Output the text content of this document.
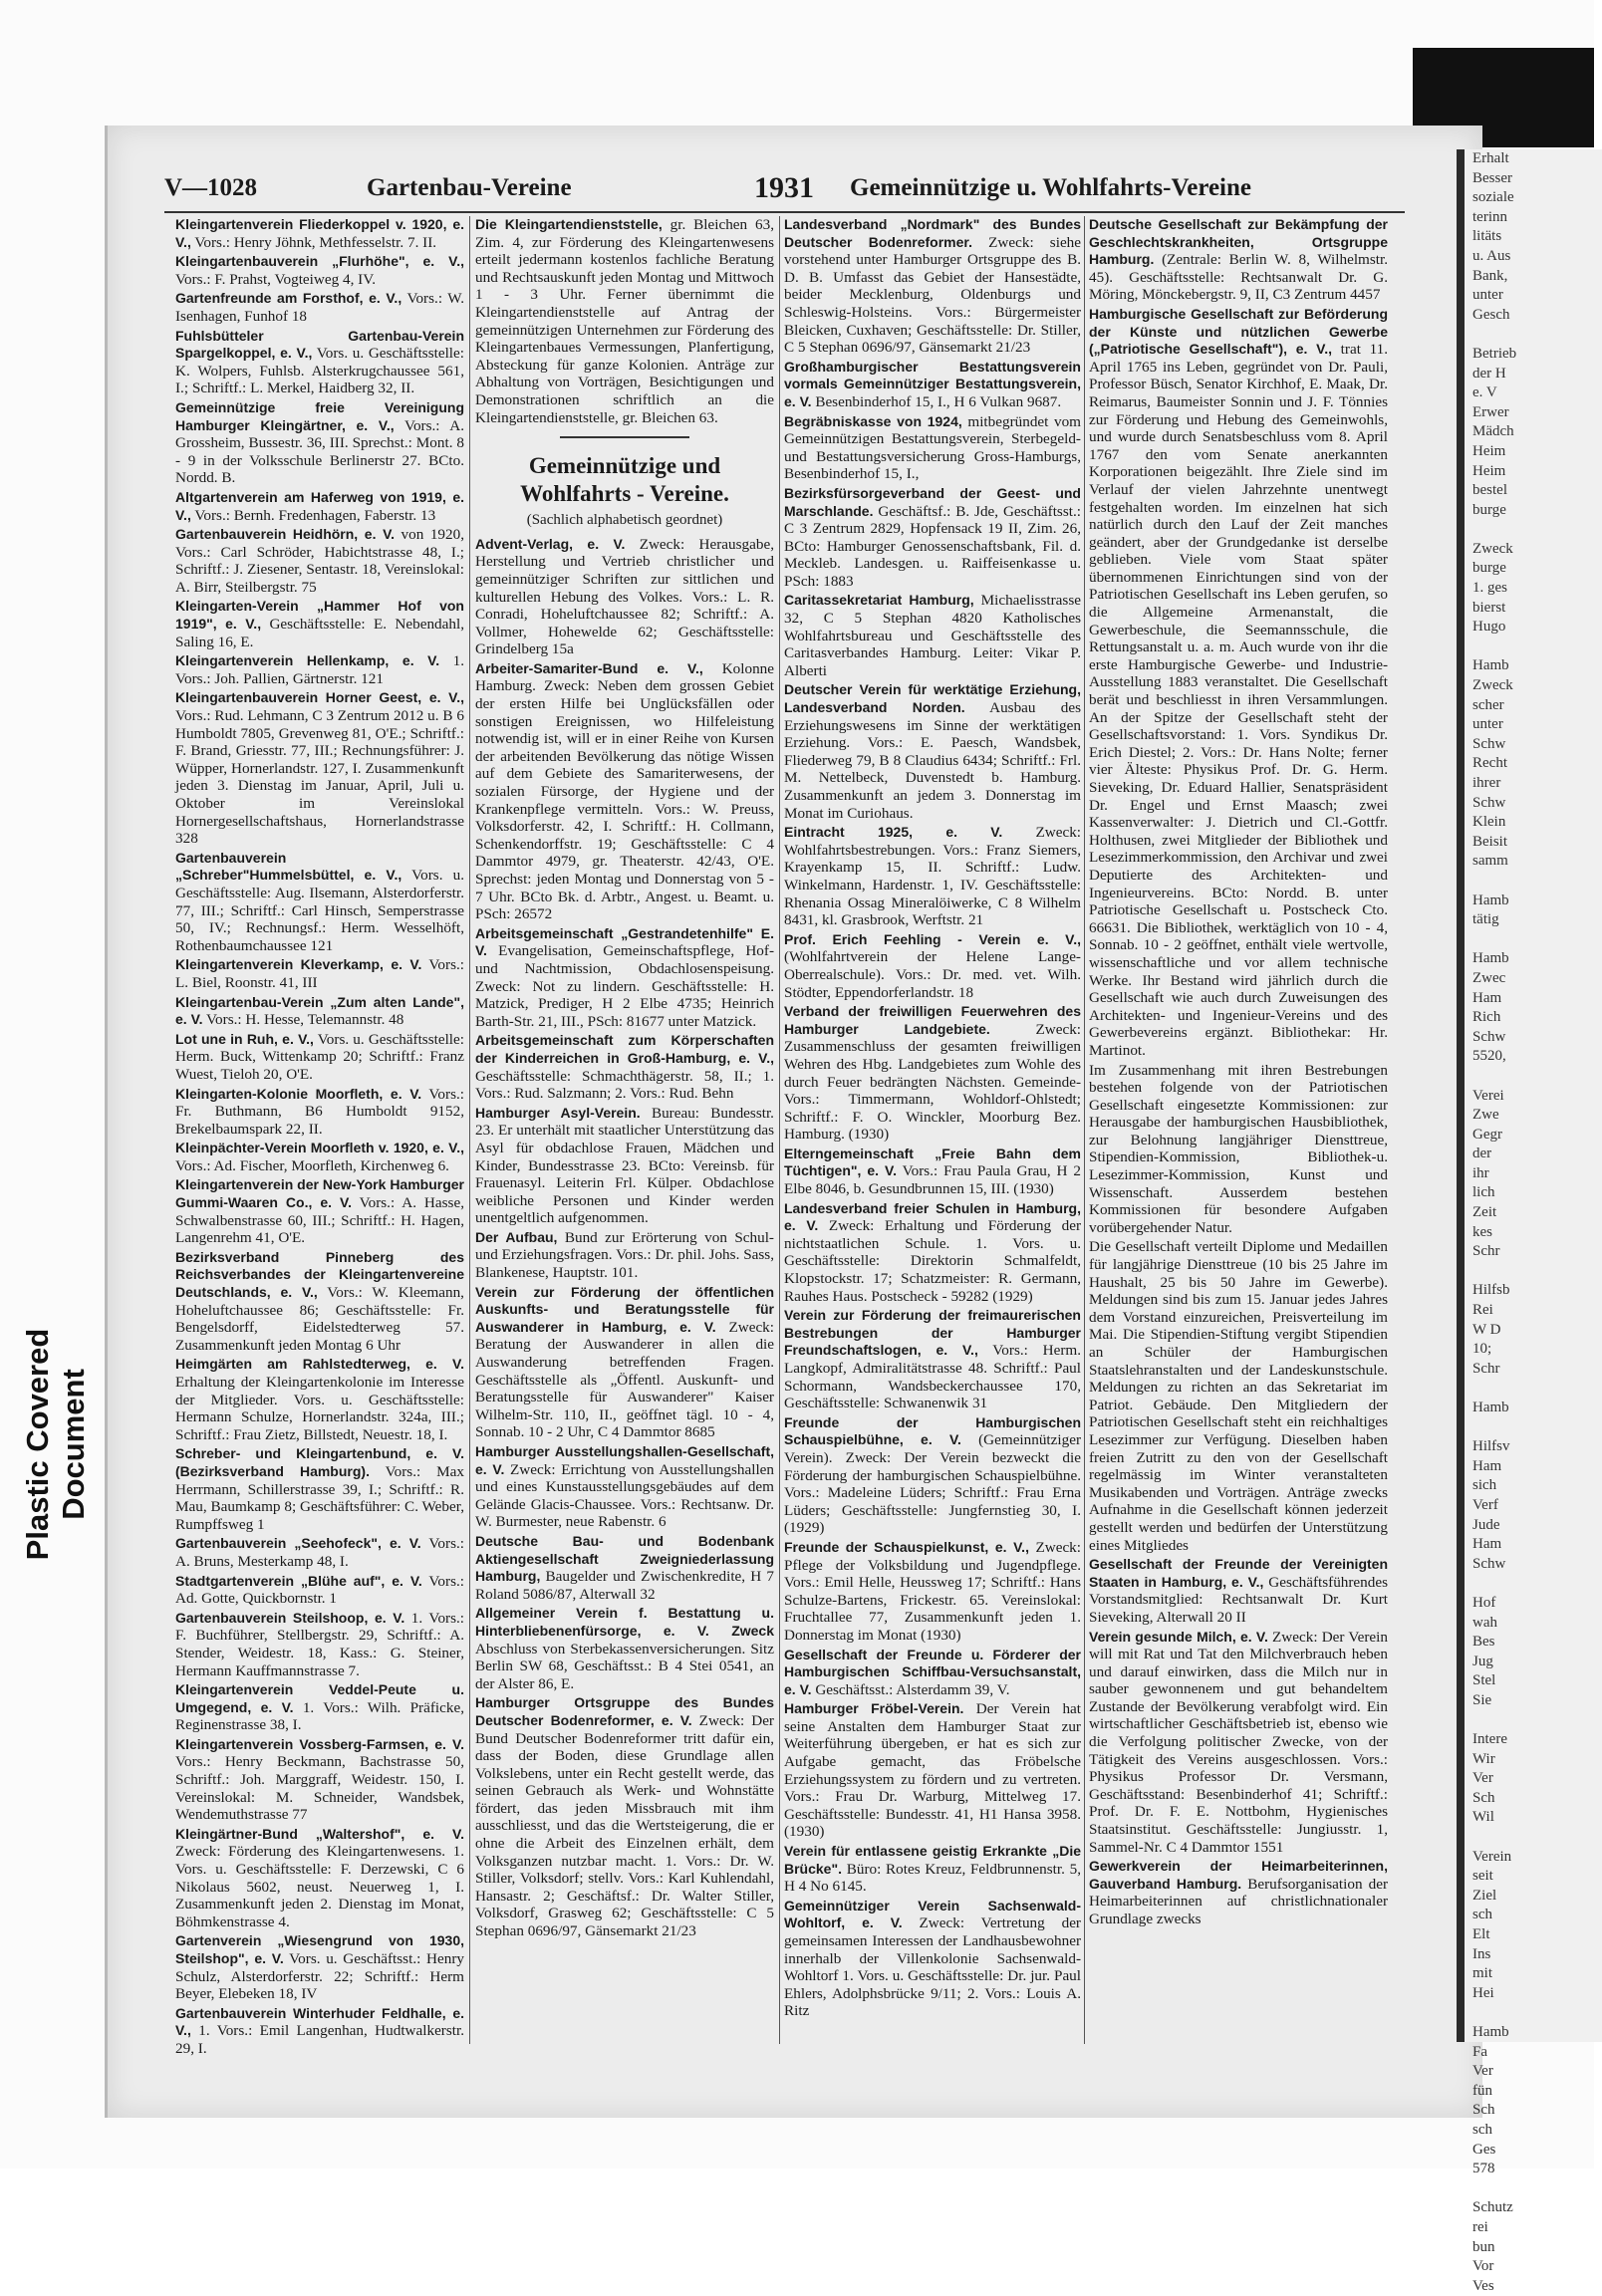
Plastic Covered Document

Erhalt

Besser

soziale

terinn

litäts

u. Aus

Bank,

unter

Gesch

Betrieb

der H

e. V

Erwer

Mädch

Heim

Heim

bestel

burge

Zweck

burge

1. ges

bierst

Hugo

Hamb

Zweck

scher

unter

Schw

Recht

ihrer

Schw

Klein

Beisit

samm

Hamb

tätig

Hamb

Zwec

Ham

Rich

Schw

5520,

Verei

Zwe

Gegr

der

ihr

lich

Zeit

kes

Schr

Hilfsb

Rei

W D

10;

Schr

Hamb

Hilfsv

Ham

sich

Verf

Jude

Ham

Schw

Hof

wah

Bes

Jug

Stel

Sie

Intere

Wir

Ver

Sch

Wil

Verein

seit

Ziel

sch

Elt

Ins

mit

Hei

Hamb

Fa

Ver

fün

Sch

sch

Ges

578

Schutz

rei

bun

Vor

Ves

V—1028	Gartenbau-Vereine	1931 Gemeinnützige u. Wohlfahrts-Vereine

Kleingartenverein Fliederkoppel v. 1920, e. V., Vors.: Henry Jöhnk, Methfesselstr. 7. II.

Kleingartenbauverein „Flurhöhe", e. V., Vors.: F. Prahst, Vogteiweg 4, IV.

Gartenfreunde am Forsthof, e. V., Vors.: W. Isenhagen, Funhof 18

Fuhlsbütteler Gartenbau-Verein Spargelkoppel, e. V., Vors. u. Geschäftsstelle: K. Wolpers, Fuhlsb. Alsterkrugchaussee 561, I.; Schriftf.: L. Merkel, Haidberg 32, II.

Gemeinnützige freie Vereinigung Hamburger Kleingärtner, e. V., Vors.: A. Grossheim, Bussestr. 36, III. Sprechst.: Mont. 8 - 9 in der Volksschule Berlinerstr 27. BCto. Nordd. B.

Altgartenverein am Haferweg von 1919, e. V., Vors.: Bernh. Fredenhagen, Faberstr. 13

Gartenbauverein Heidhörn, e. V. von 1920, Vors.: Carl Schröder, Habichtstrasse 48, I.; Schriftf.: J. Ziesener, Sentastr. 18, Vereinslokal: A. Birr, Steilbergstr. 75

Kleingarten-Verein „Hammer Hof von 1919", e. V., Geschäftsstelle: E. Nebendahl, Saling 16, E.

Kleingartenverein Hellenkamp, e. V. 1. Vors.: Joh. Pallien, Gärtnerstr. 121

Kleingartenbauverein Horner Geest, e. V., Vors.: Rud. Lehmann, C 3 Zentrum 2012 u. B 6 Humboldt 7805, Grevenweg 81, O'E.; Schriftf.: F. Brand, Griesstr. 77, III.; Rechnungsführer: J. Wüpper, Hornerlandstr. 127, I. Zusammenkunft jeden 3. Dienstag im Januar, April, Juli u. Oktober im Vereinslokal Hornergesellschaftshaus, Hornerlandstrasse 328

Gartenbauverein „Schreber"Hummelsbüttel, e. V., Vors. u. Geschäftsstelle: Aug. Ilsemann, Alsterdorferstr. 77, III.; Schriftf.: Carl Hinsch, Semperstrasse 50, IV.; Rechnungsf.: Herm. Wesselhöft, Rothenbaumchaussee 121

Kleingartenverein Kleverkamp, e. V. Vors.: L. Biel, Roonstr. 41, III

Kleingartenbau-Verein „Zum alten Lande", e. V. Vors.: H. Hesse, Telemannstr. 48

Lot une in Ruh, e. V., Vors. u. Geschäftsstelle: Herm. Buck, Wittenkamp 20; Schriftf.: Franz Wuest, Tieloh 20, O'E.

Kleingarten-Kolonie Moorfleth, e. V. Vors.: Fr. Buthmann, B6 Humboldt 9152, Brekelbaumspark 22, II.

Kleinpächter-Verein Moorfleth v. 1920, e. V., Vors.: Ad. Fischer, Moorfleth, Kirchenweg 6.

Kleingartenverein der New-York Hamburger Gummi-Waaren Co., e. V. Vors.: A. Hasse, Schwalbenstrasse 60, III.; Schriftf.: H. Hagen, Langenrehm 41, O'E.

Bezirksverband Pinneberg des Reichsverbandes der Kleingartenvereine Deutschlands, e. V., Vors.: W. Kleemann, Hoheluftchaussee 86; Geschäftsstelle: Fr. Bengelsdorff, Eidelstedterweg 57. Zusammenkunft jeden Montag 6 Uhr

Heimgärten am Rahlstedterweg, e. V. Erhaltung der Kleingartenkolonie im Interesse der Mitglieder. Vors. u. Geschäftsstelle: Hermann Schulze, Hornerlandstr. 324a, III.; Schriftf.: Frau Zietz, Billstedt, Neuestr. 18, I.

Schreber- und Kleingartenbund, e. V. (Bezirksverband Hamburg). Vors.: Max Herrmann, Schillerstrasse 39, I.; Schriftf.: R. Mau, Baumkamp 8; Geschäftsführer: C. Weber, Rumpffsweg 1

Gartenbauverein „Seehofeck", e. V. Vors.: A. Bruns, Mesterkamp 48, I.

Stadtgartenverein „Blühe auf", e. V. Vors.: Ad. Gotte, Quickbornstr. 1

Gartenbauverein Steilshoop, e. V. 1. Vors.: F. Buchführer, Stellbergstr. 29, Schriftf.: A. Stender, Weidestr. 18, Kass.: G. Steiner, Hermann Kauffmannstrasse 7.

Kleingartenverein Veddel-Peute u. Umgegend, e. V. 1. Vors.: Wilh. Präficke, Reginenstrasse 38, I.

Kleingartenverein Vossberg-Farmsen, e. V. Vors.: Henry Beckmann, Bachstrasse 50, Schriftf.: Joh. Marggraff, Weidestr. 150, I. Vereinslokal: M. Schneider, Wandsbek, Wendemuthstrasse 77

Kleingärtner-Bund „Waltershof", e. V. Zweck: Förderung des Kleingartenwesens. 1. Vors. u. Geschäftsstelle: F. Derzewski, C 6 Nikolaus 5602, neust. Neuerweg 1, I. Zusammenkunft jeden 2. Dienstag im Monat, Böhmkenstrasse 4.

Gartenverein „Wiesengrund von 1930, Steilshop", e. V. Vors. u. Geschäftsst.: Henry Schulz, Alsterdorferstr. 22; Schriftf.: Herm Beyer, Elebeken 18, IV

Gartenbauverein Winterhuder Feldhalle, e. V., 1. Vors.: Emil Langenhan, Hudtwalkerstr. 29, I.

Die Kleingartendienststelle, gr. Bleichen 63, Zim. 4, zur Förderung des Kleingartenwesens erteilt jedermann kostenlos fachliche Beratung und Rechtsauskunft jeden Montag und Mittwoch 1 - 3 Uhr. Ferner übernimmt die Kleingartendienststelle auf Antrag der gemeinnützigen Unternehmen zur Förderung des Kleingartenbaues Vermessungen, Planfertigung, Absteckung für ganze Kolonien. Anträge zur Abhaltung von Vorträgen, Besichtigungen und Demonstrationen schriftlich an die Kleingartendienststelle, gr. Bleichen 63.

Gemeinnützige und Wohlfahrts - Vereine.
(Sachlich alphabetisch geordnet)

Advent-Verlag, e. V. Zweck: Herausgabe, Herstellung und Vertrieb christlicher und gemeinnütziger Schriften zur sittlichen und kulturellen Hebung des Volkes. Vors.: L. R. Conradi, Hoheluftchaussee 82; Schriftf.: A. Vollmer, Hohewelde 62; Geschäftsstelle: Grindelberg 15a

Arbeiter-Samariter-Bund e. V., Kolonne Hamburg. Zweck: Neben dem grossen Gebiet der ersten Hilfe bei Unglücksfällen oder sonstigen Ereignissen, wo Hilfeleistung notwendig ist, will er in einer Reihe von Kursen der arbeitenden Bevölkerung das nötige Wissen auf dem Gebiete des Samariterwesens, der sozialen Fürsorge, der Hygiene und der Krankenpflege vermitteln. Vors.: W. Preuss, Volksdorferstr. 42, I. Schriftf.: H. Collmann, Schenkendorffstr. 19; Geschäftsstelle: C 4 Dammtor 4979, gr. Theaterstr. 42/43, O'E. Sprechst: jeden Montag und Donnerstag von 5 - 7 Uhr. BCto Bk. d. Arbtr., Angest. u. Beamt. u. PSch: 26572

Arbeitsgemeinschaft „Gestrandetenhilfe" E. V. Evangelisation, Gemeinschaftspflege, Hof- und Nachtmission, Obdachlosenspeisung. Zweck: Not zu lindern. Geschäftsstelle: H. Matzick, Prediger, H 2 Elbe 4735; Heinrich Barth-Str. 21, III., PSch: 81677 unter Matzick.

Arbeitsgemeinschaft zum Körperschaften der Kinderreichen in Groß-Hamburg, e. V., Geschäftsstelle: Schmachthägerstr. 58, II.; 1. Vors.: Rud. Salzmann; 2. Vors.: Rud. Behn

Hamburger Asyl-Verein. Bureau: Bundesstr. 23. Er unterhält mit staatlicher Unterstützung das Asyl für obdachlose Frauen, Mädchen und Kinder, Bundesstrasse 23. BCto: Vereinsb. für Frauenasyl. Leiterin Frl. Külper. Obdachlose weibliche Personen und Kinder werden unentgeltlich aufgenommen.

Der Aufbau, Bund zur Erörterung von Schul- und Erziehungsfragen. Vors.: Dr. phil. Johs. Sass, Blankenese, Hauptstr. 101.

Verein zur Förderung der öffentlichen Auskunfts- und Beratungsstelle für Auswanderer in Hamburg, e. V. Zweck: Beratung der Auswanderer in allen die Auswanderung betreffenden Fragen. Geschäftsstelle als „Öffentl. Auskunft- und Beratungsstelle für Auswanderer" Kaiser Wilhelm-Str. 110, II., geöffnet tägl. 10 - 4, Sonnab. 10 - 2 Uhr, C 4 Dammtor 8685

Hamburger Ausstellungshallen-Gesellschaft, e. V. Zweck: Errichtung von Ausstellungshallen und eines Kunstausstellungsgebäudes auf dem Gelände Glacis-Chaussee. Vors.: Rechtsanw. Dr. W. Burmester, neue Rabenstr. 6

Deutsche Bau- und Bodenbank Aktiengesellschaft Zweigniederlassung Hamburg, Baugelder und Zwischenkredite, H 7 Roland 5086/87, Alterwall 32

Allgemeiner Verein f. Bestattung u. Hinterbliebenenfürsorge, e. V. Zweck Abschluss von Sterbekassenversicherungen. Sitz Berlin SW 68, Geschäftsst.: B 4 Stei 0541, an der Alster 86, E.

Hamburger Ortsgruppe des Bundes Deutscher Bodenreformer, e. V. Zweck: Der Bund Deutscher Bodenreformer tritt dafür ein, dass der Boden, diese Grundlage allen Volkslebens, unter ein Recht gestellt werde, das seinen Gebrauch als Werk- und Wohnstätte fördert, das jeden Missbrauch mit ihm ausschliesst, und das die Wertsteigerung, die er ohne die Arbeit des Einzelnen erhält, dem Volksganzen nutzbar macht. 1. Vors.: Dr. W. Stiller, Volksdorf; stellv. Vors.: Karl Kuhlendahl, Hansastr. 2; Geschäftsf.: Dr. Walter Stiller, Volksdorf, Grasweg 62; Geschäftsstelle: C 5 Stephan 0696/97, Gänsemarkt 21/23

Landesverband „Nordmark" des Bundes Deutscher Bodenreformer. Zweck: siehe vorstehend unter Hamburger Ortsgruppe des B. D. B. Umfasst das Gebiet der Hansestädte, beider Mecklenburg, Oldenburgs und Schleswig-Holsteins. Vors.: Bürgermeister Bleicken, Cuxhaven; Geschäftsstelle: Dr. Stiller, C 5 Stephan 0696/97, Gänsemarkt 21/23

Großhamburgischer Bestattungsverein vormals Gemeinnütziger Bestattungsverein, e. V. Besenbinderhof 15, I., H 6 Vulkan 9687.

Begräbniskasse von 1924, mitbegründet vom Gemeinnützigen Bestattungsverein, Sterbegeld- und Bestattungsversicherung Gross-Hamburgs, Besenbinderhof 15, I.,

Bezirksfürsorgeverband der Geest- und Marschlande. Geschäftsf.: B. Jde, Geschäftsst.: C 3 Zentrum 2829, Hopfensack 19 II, Zim. 26, BCto: Hamburger Genossenschaftsbank, Fil. d. Meckleb. Landesgen. u. Raiffeisenkasse u. PSch: 1883

Caritassekretariat Hamburg, Michaelisstrasse 32, C 5 Stephan 4820 Katholisches Wohlfahrtsbureau und Geschäftsstelle des Caritasverbandes Hamburg. Leiter: Vikar P. Alberti

Deutscher Verein für werktätige Erziehung, Landesverband Norden. Ausbau des Erziehungswesens im Sinne der werktätigen Erziehung. Vors.: E. Paesch, Wandsbek, Fliederweg 79, B 8 Claudius 6434; Schriftf.: Frl. M. Nettelbeck, Duvenstedt b. Hamburg. Zusammenkunft an jedem 3. Donnerstag im Monat im Curiohaus.

Eintracht 1925, e. V. Zweck: Wohlfahrtsbestrebungen. Vors.: Franz Siemers, Krayenkamp 15, II. Schriftf.: Ludw. Winkelmann, Hardenstr. 1, IV. Geschäftsstelle: Rhenania Ossag Mineralöiwerke, C 8 Wilhelm 8431, kl. Grasbrook, Werftstr. 21

Prof. Erich Feehling - Verein e. V., (Wohlfahrtverein der Helene Lange-Oberrealschule). Vors.: Dr. med. vet. Wilh. Stödter, Eppendorferlandstr. 18

Verband der freiwilligen Feuerwehren des Hamburger Landgebiete.	Zweck: Zusammenschluss der gesamten freiwilligen Wehren des Hbg. Landgebietes zum Wohle des durch Feuer bedrängten Nächsten. Gemeinde-Vors.: Timmermann, Wohldorf-Ohlstedt; Schriftf.: F. O. Winckler, Moorburg Bez. Hamburg. (1930)

Elterngemeinschaft „Freie Bahn dem Tüchtigen", e. V. Vors.: Frau Paula Grau, H 2 Elbe 8046, b. Gesundbrunnen 15, III. (1930)

Landesverband freier Schulen in Hamburg, e. V. Zweck: Erhaltung und Förderung der nichtstaatlichen Schule. 1. Vors. u. Geschäftsstelle: Direktorin Schmalfeldt, Klopstockstr. 17; Schatzmeister: R. Germann, Rauhes Haus. Postscheck - 59282 (1929)

Verein zur Förderung der freimaurerischen Bestrebungen der Hamburger Freundschaftslogen, e. V., Vors.: Herm. Langkopf, Admiralitätstrasse 48. Schriftf.: Paul Schormann, Wandsbeckerchaussee 170, Geschäftsstelle: Schwanenwik 31

Freunde der Hamburgischen Schauspielbühne, e. V. (Gemeinnütziger Verein). Zweck: Der Verein bezweckt die Förderung der hamburgischen Schauspielbühne. Vors.: Madeleine Lüders; Schriftf.: Frau Erna Lüders; Geschäftsstelle: Jungfernstieg 30, I. (1929)

Freunde der Schauspielkunst, e. V., Zweck: Pflege der Volksbildung und Jugendpflege. Vors.: Emil Helle, Heussweg 17; Schriftf.: Hans Schulze-Bartens, Frickestr. 65. Vereinslokal: Fruchtallee 77, Zusammenkunft jeden 1. Donnerstag im Monat (1930)

Gesellschaft der Freunde u. Förderer der Hamburgischen Schiffbau-Versuchsanstalt, e. V. Geschäftsst.: Alsterdamm 39, V.

Hamburger Fröbel-Verein. Der Verein hat seine Anstalten dem Hamburger Staat zur Weiterführung übergeben, er hat es sich zur Aufgabe gemacht, das Fröbelsche Erziehungssystem zu fördern und zu vertreten. Vors.: Frau Dr. Warburg, Mittelweg 17. Geschäftsstelle: Bundesstr. 41, H1 Hansa 3958. (1930)

Verein für entlassene geistig Erkrankte „Die Brücke". Büro: Rotes Kreuz, Feldbrunnenstr. 5, H 4 No 6145.

Gemeinnütziger Verein Sachsenwald-Wohltorf, e. V. Zweck: Vertretung der gemeinsamen Interessen der Landhausbewohner innerhalb der Villenkolonie Sachsenwald-Wohltorf 1. Vors. u. Geschäftsstelle: Dr. jur. Paul Ehlers, Adolphsbrücke 9/11; 2. Vors.: Louis A. Ritz

Deutsche Gesellschaft zur Bekämpfung der Geschlechtskrankheiten, Ortsgruppe Hamburg. (Zentrale: Berlin W. 8, Wilhelmstr. 45). Geschäftsstelle: Rechtsanwalt Dr. G. Möring, Mönckebergstr. 9, II, C3 Zentrum 4457

Hamburgische Gesellschaft zur Beförderung der Künste und nützlichen Gewerbe („Patriotische Gesellschaft"), e. V., trat 11. April 1765 ins Leben, gegründet von Dr. Pauli, Professor Büsch, Senator Kirchhof, E. Maak, Dr. Reimarus, Baumeister Sonnin und J. F. Tönnies zur Förderung und Hebung des Gemeinwohls, und wurde durch Senatsbeschluss vom 8. April 1767 den vom Senate anerkannten Korporationen beigezählt. Ihre Ziele sind im Verlauf der vielen Jahrzehnte unentwegt festgehalten worden. Im einzelnen hat sich natürlich durch den Lauf der Zeit manches geändert, aber der Grundgedanke ist derselbe geblieben. Viele vom Staat später übernommenen Einrichtungen sind von der Patriotischen Gesellschaft ins Leben gerufen, so die Allgemeine Armenanstalt, die Gewerbeschule, die Seemannsschule, die Rettungsanstalt u. a. m. Auch wurde von ihr die erste Hamburgische Gewerbe- und Industrie-Ausstellung 1883 veranstaltet. Die Gesellschaft berät und beschliesst in ihren Versammlungen. An der Spitze der Gesellschaft steht der Gesellschaftsvorstand: 1. Vors. Syndikus Dr. Erich Diestel; 2. Vors.: Dr. Hans Nolte; ferner vier Älteste: Physikus Prof. Dr. G. Herm. Sieveking, Dr. Eduard Hallier, Senatspräsident Dr. Engel und Ernst Maasch; zwei Kassenverwalter: J. Dietrich und Cl.-Gottfr. Holthusen, zwei Mitglieder der Bibliothek und Lesezimmerkommission, den Archivar und zwei Deputierte des Architekten- und Ingenieurvereins. BCto: Nordd. B. unter Patriotische Gesellschaft u. Postscheck Cto. 66631. Die Bibliothek, werktäglich von 10 - 4, Sonnab. 10 - 2 geöffnet, enthält viele wertvolle, wissenschaftliche und vor allem technische Werke. Ihr Bestand wird jährlich durch die Gesellschaft wie auch durch Zuweisungen des Architekten- und Ingenieur-Vereins und des Gewerbevereins ergänzt. Bibliothekar: Hr. Martinot.

Im Zusammenhang mit ihren Bestrebungen bestehen folgende von der Patriotischen Gesellschaft eingesetzte Kommissionen: zur Herausgabe der hamburgischen Hausbibliothek, zur Belohnung langjähriger Diensttreue, Stipendien-Kommission, Bibliothek-u. Lesezimmer-Kommission, Kunst und Wissenschaft. Ausserdem bestehen Kommissionen für besondere Aufgaben vorübergehender Natur.

Die Gesellschaft verteilt Diplome und Medaillen für langjährige Diensttreue (10 bis 25 Jahre im Haushalt, 25 bis 50 Jahre im Gewerbe). Meldungen sind bis zum 15. Januar jedes Jahres dem Vorstand einzureichen, Preisverteilung im Mai. Die Stipendien-Stiftung vergibt Stipendien an Schüler der Hamburgischen Staatslehranstalten und der Landeskunstschule. Meldungen zu richten an das Sekretariat im Patriot. Gebäude. Den Mitgliedern der Patriotischen Gesellschaft steht ein reichhaltiges Lesezimmer zur Verfügung. Dieselben haben freien Zutritt zu den von der Gesellschaft regelmässig im Winter veranstalteten Musikabenden und Vorträgen. Anträge zwecks Aufnahme in die Gesellschaft können jederzeit gestellt werden und bedürfen der Unterstützung eines Mitgliedes

Gesellschaft der Freunde der Vereinigten Staaten in Hamburg, e. V., Geschäftsführendes Vorstandsmitglied: Rechtsanwalt Dr. Kurt Sieveking, Alterwall 20 II

Verein gesunde Milch, e. V. Zweck: Der Verein will mit Rat und Tat den Milchverbrauch heben und darauf einwirken, dass die Milch nur in sauber gewonnenem und gut behandeltem Zustande der Bevölkerung verabfolgt wird. Ein wirtschaftlicher Geschäftsbetrieb ist, ebenso wie die Verfolgung politischer Zwecke, von der Tätigkeit des Vereins ausgeschlossen. Vors.: Physikus Professor Dr. Versmann, Geschäftsstand: Besenbinderhof 41; Schriftf.: Prof. Dr. F. E. Nottbohm, Hygienisches Staatsinstitut. Geschäftsstelle: Jungiusstr. 1, Sammel-Nr. C 4 Dammtor 1551

Gewerkverein der Heimarbeiterinnen, Gauverband Hamburg. Berufsorganisation der Heimarbeiterinnen auf christlichnationaler Grundlage zwecks
